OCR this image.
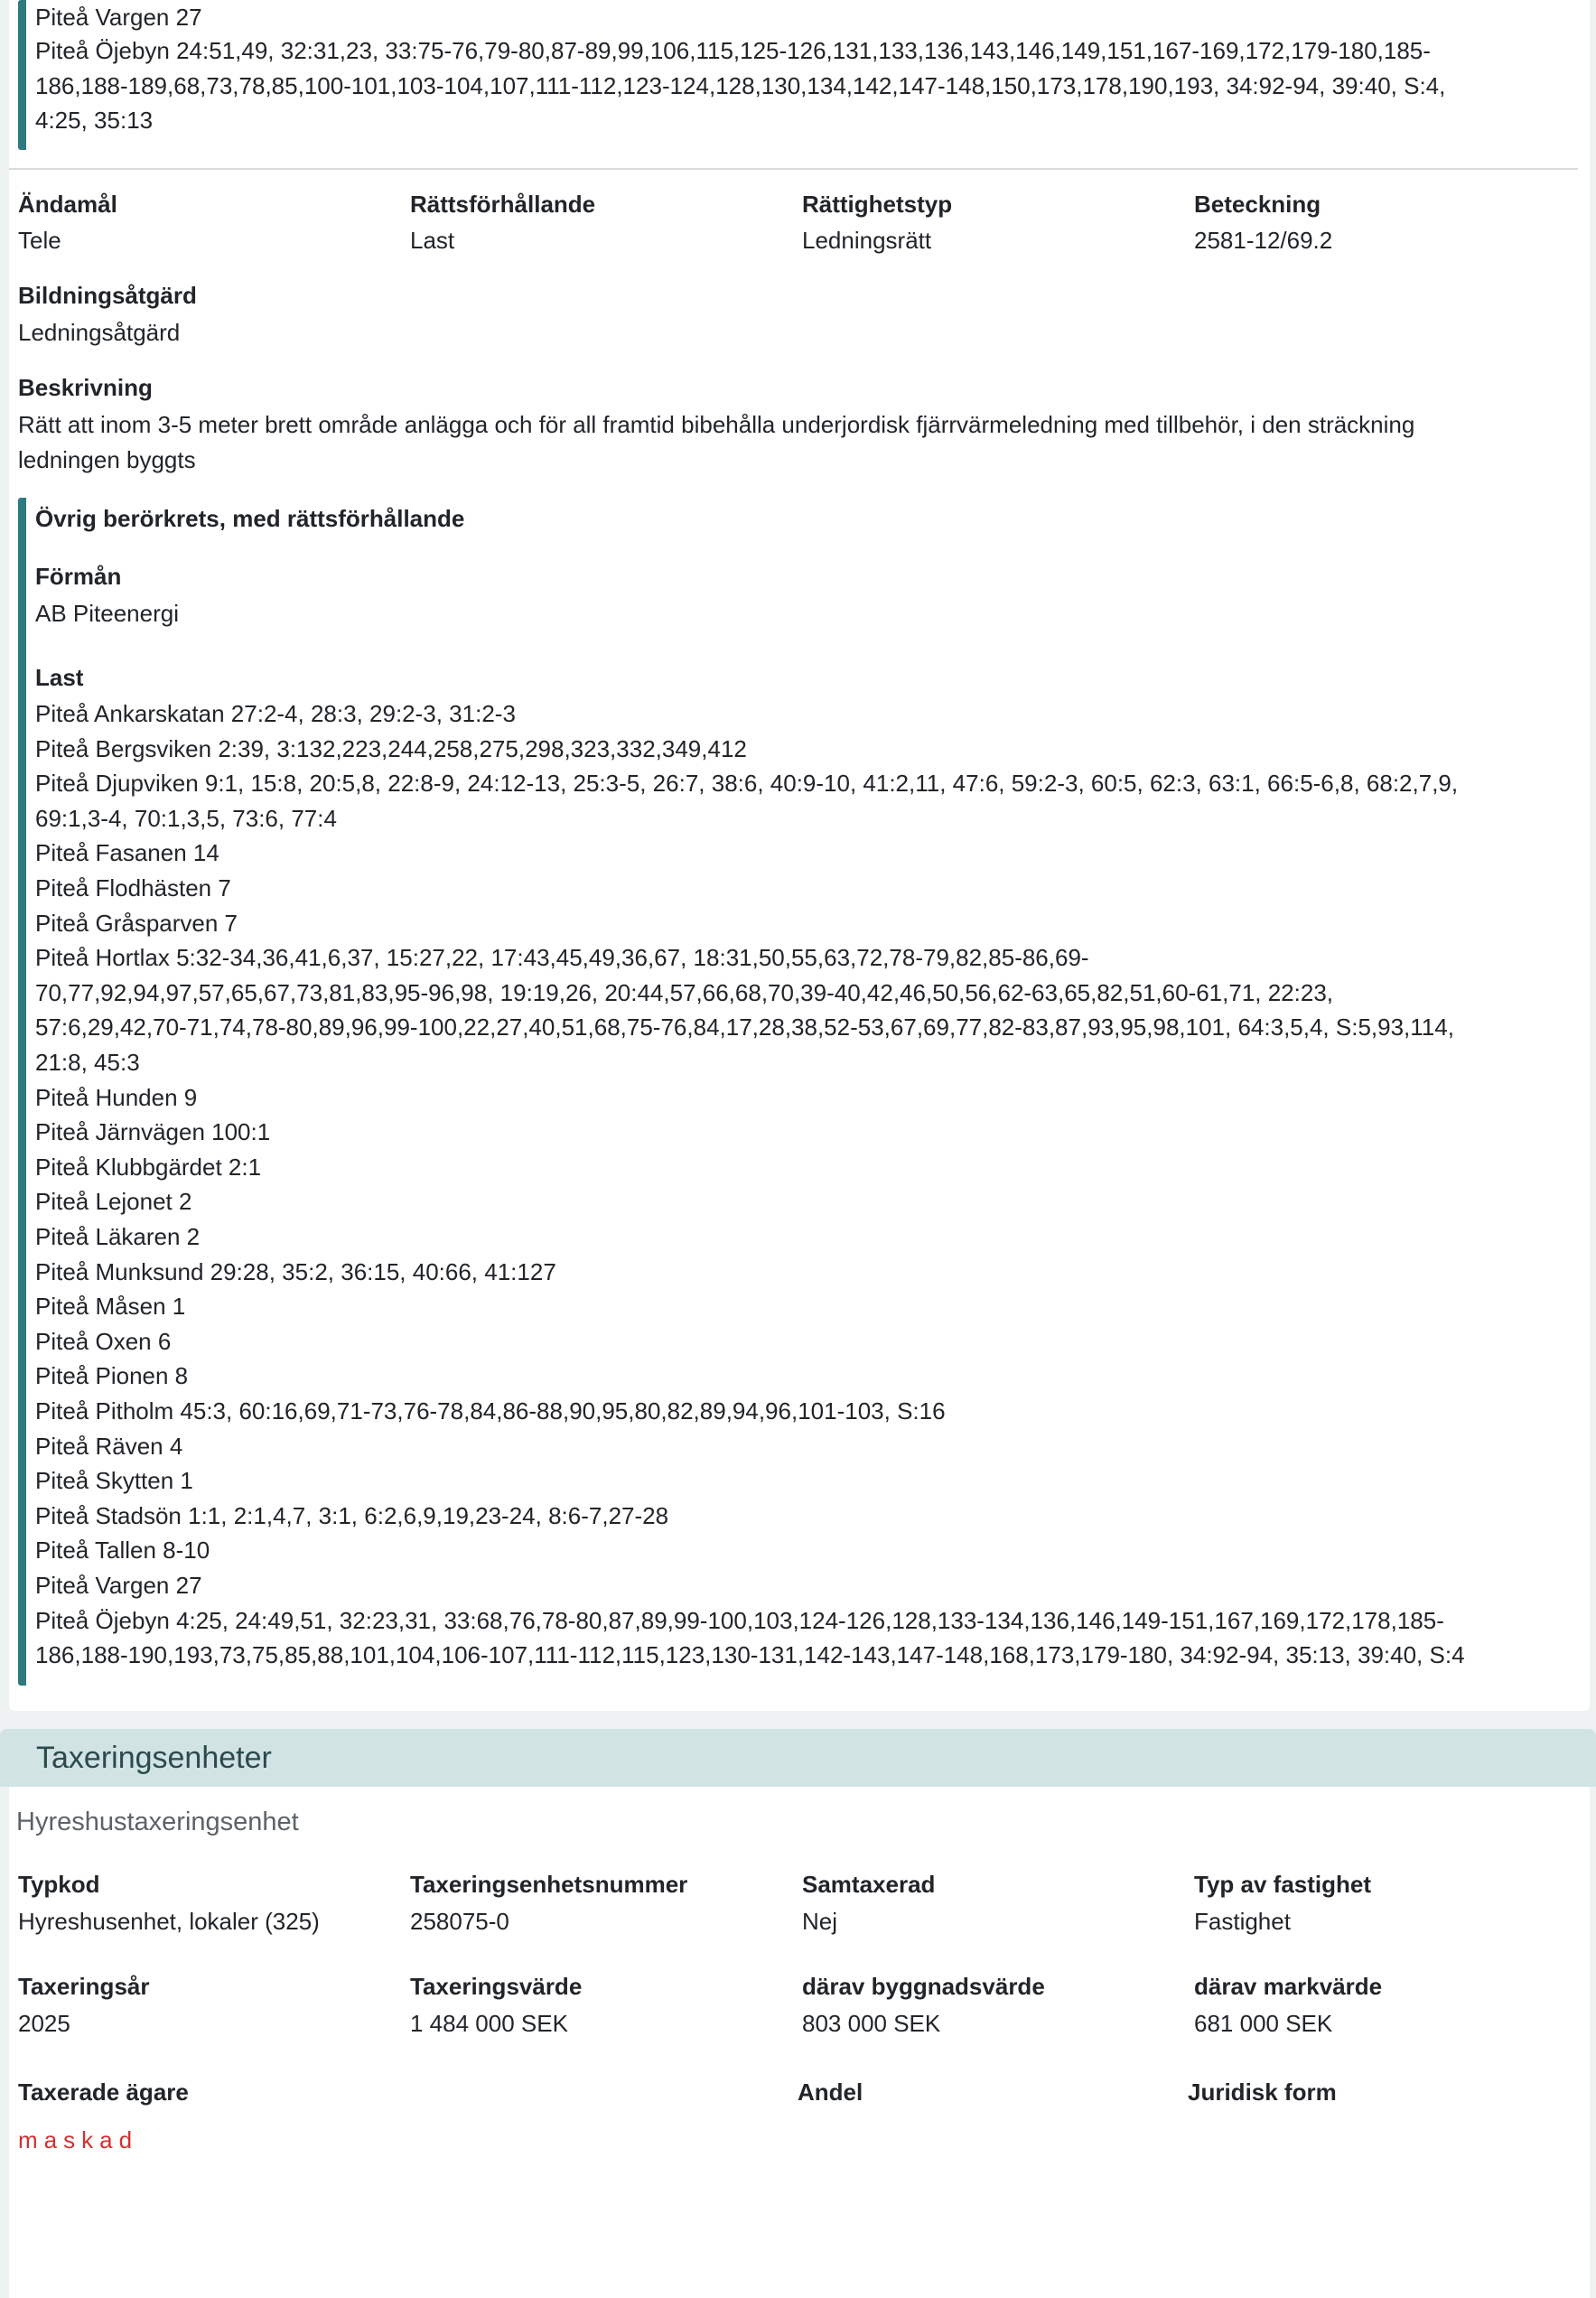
Piteå Vargen 27
Piteå Öjebyn 24:51,49, 32:31,23, 33:75-76,79-80,87-89,99,106,115,125-126,131,133,136,143,146,149,151,167-169,172,179-180,185-
186,188-189,68,73,78,85,100-101,103-104,107,111-112,123-124,128,130,134,142,147-148,150,173,178,190,193, 34:92-94, 39:40, S:4,
4:25, 35:13
Ändamål
Tele
Rättsförhållande
Last
Rättighetstyp
Ledningsrätt
Beteckning
2581-12/69.2
Bildningsåtgärd
Ledningsåtgärd
Beskrivning
Rätt att inom 3-5 meter brett område anlägga och för all framtid bibehålla underjordisk fjärrvärmeledning med tillbehör, i den sträckning
ledningen byggts
Övrig berörkrets, med rättsförhållande
Förmån
AB Piteenergi
Last
Piteå Ankarskatan 27:2-4, 28:3, 29:2-3, 31:2-3
Piteå Bergsviken 2:39, 3:132,223,244,258,275,298,323,332,349,412
Piteå Djupviken 9:1, 15:8, 20:5,8, 22:8-9, 24:12-13, 25:3-5, 26:7, 38:6, 40:9-10, 41:2,11, 47:6, 59:2-3, 60:5, 62:3, 63:1, 66:5-6,8, 68:2,7,9,
69:1,3-4, 70:1,3,5, 73:6, 77:4
Piteå Fasanen 14
Piteå Flodhästen 7
Piteå Gråsparven 7
Piteå Hortlax 5:32-34,36,41,6,37, 15:27,22, 17:43,45,49,36,67, 18:31,50,55,63,72,78-79,82,85-86,69-
70,77,92,94,97,57,65,67,73,81,83,95-96,98, 19:19,26, 20:44,57,66,68,70,39-40,42,46,50,56,62-63,65,82,51,60-61,71, 22:23,
57:6,29,42,70-71,74,78-80,89,96,99-100,22,27,40,51,68,75-76,84,17,28,38,52-53,67,69,77,82-83,87,93,95,98,101, 64:3,5,4, S:5,93,114,
21:8, 45:3
Piteå Hunden 9
Piteå Järnvägen 100:1
Piteå Klubbgärdet 2:1
Piteå Lejonet 2
Piteå Läkaren 2
Piteå Munksund 29:28, 35:2, 36:15, 40:66, 41:127
Piteå Måsen 1
Piteå Oxen 6
Piteå Pionen 8
Piteå Pitholm 45:3, 60:16,69,71-73,76-78,84,86-88,90,95,80,82,89,94,96,101-103, S:16
Piteå Räven 4
Piteå Skytten 1
Piteå Stadsön 1:1, 2:1,4,7, 3:1, 6:2,6,9,19,23-24, 8:6-7,27-28
Piteå Tallen 8-10
Piteå Vargen 27
Piteå Öjebyn 4:25, 24:49,51, 32:23,31, 33:68,76,78-80,87,89,99-100,103,124-126,128,133-134,136,146,149-151,167,169,172,178,185-
186,188-190,193,73,75,85,88,101,104,106-107,111-112,115,123,130-131,142-143,147-148,168,173,179-180, 34:92-94, 35:13, 39:40, S:4
Taxeringsenheter
Hyreshustaxeringsenhet
Typkod
Hyreshusenhet, lokaler (325)
Taxeringsenhetsnummer
258075-0
Samtaxerad
Nej
Typ av fastighet
Fastighet
Taxeringsår
2025
Taxeringsvärde
1 484 000 SEK
därav byggnadsvärde
803 000 SEK
därav markvärde
681 000 SEK
Taxerade ägare	Andel	Juridisk form
maskad
